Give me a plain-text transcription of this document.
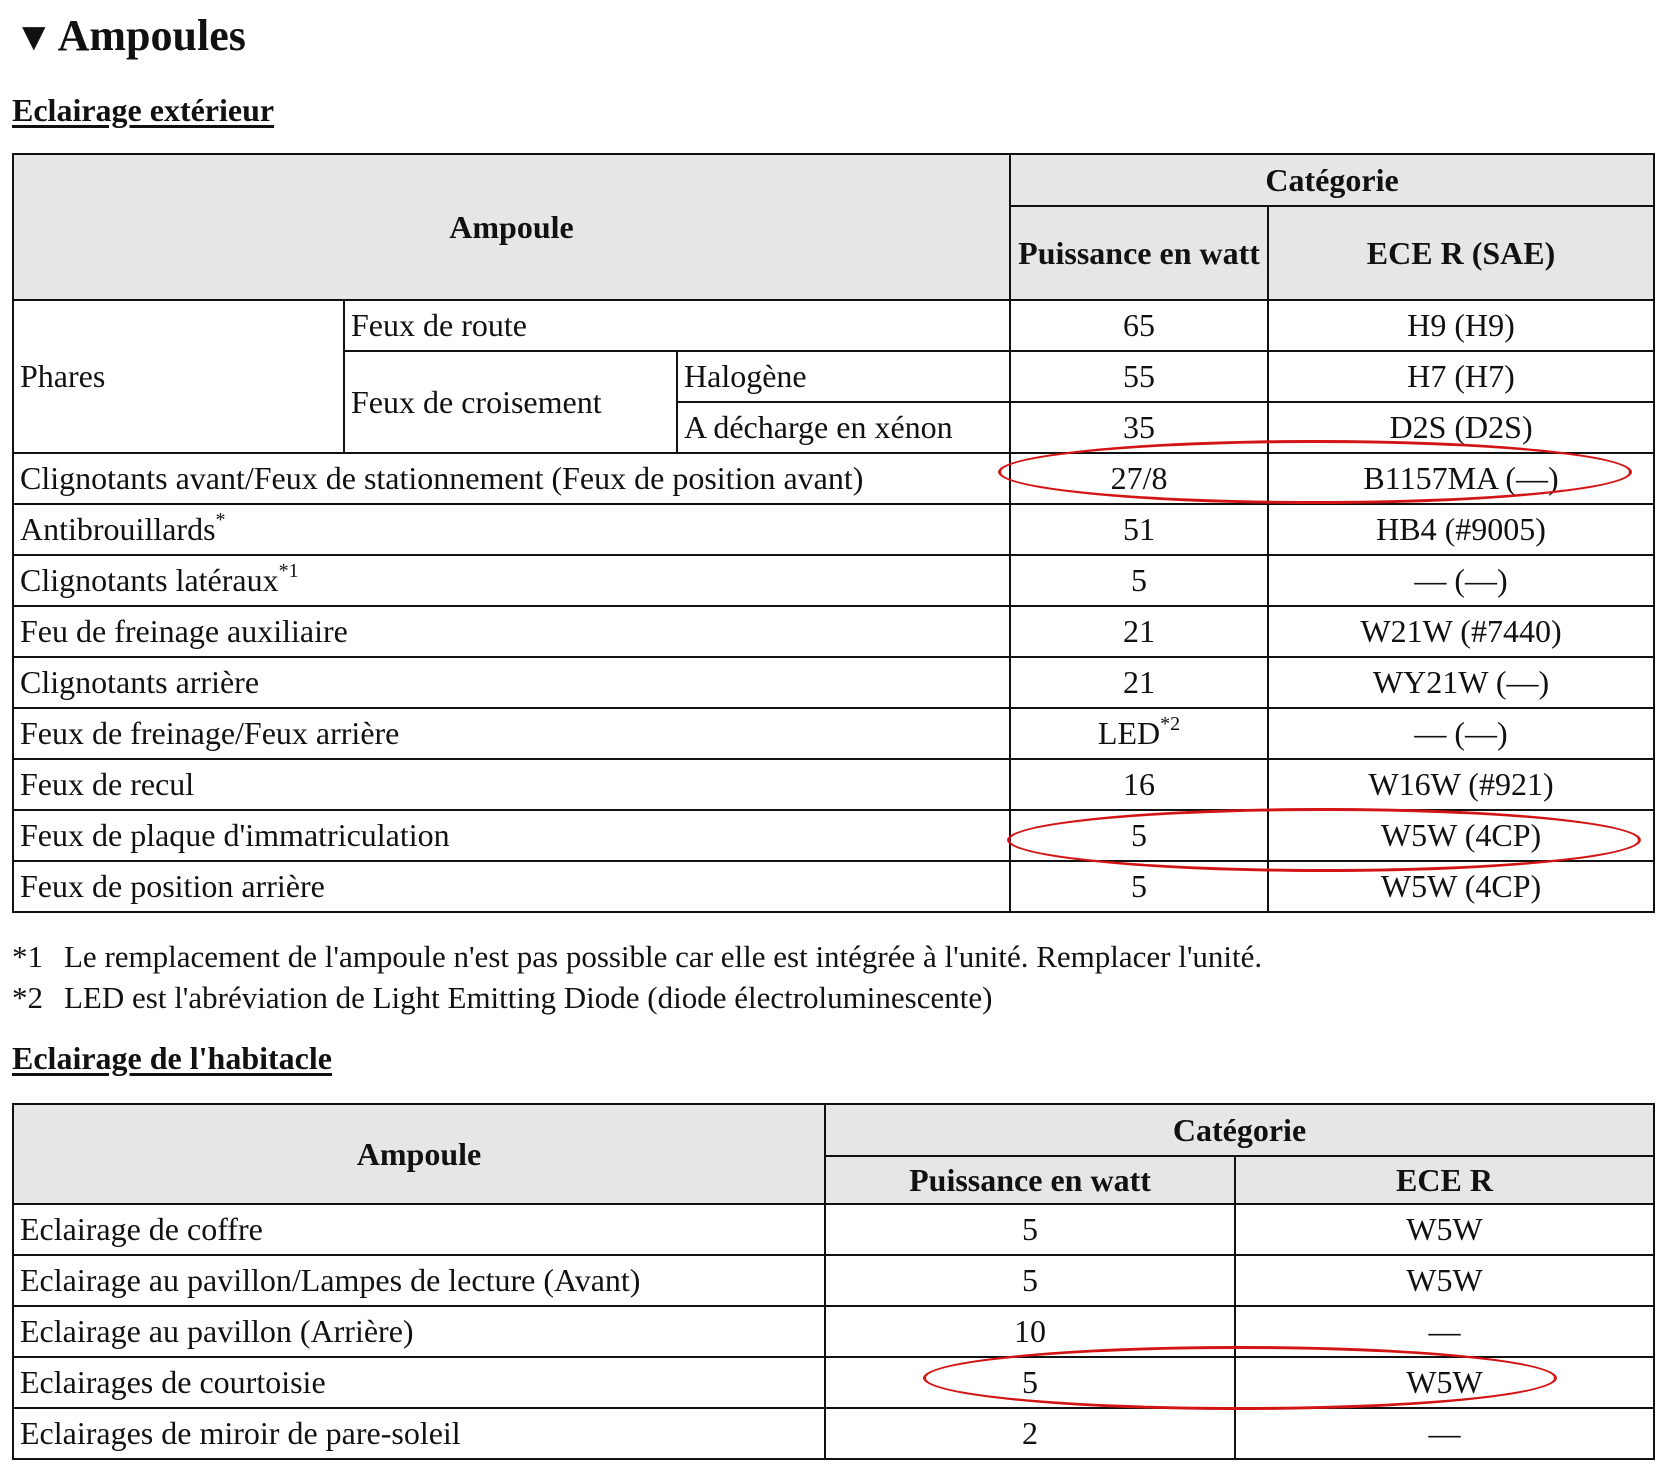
▼Ampoules
Eclairage extérieur
Ampoule			Catégorie	
			Puissance en watt	ECE R (SAE)
Phares	Feux de route		65	H9 (H9)
	Feux de croisement	Halogène	55	H7 (H7)
		A décharge en xénon	35	D2S (D2S)
Clignotants avant/Feux de stationnement (Feux de position avant)			27/8	B1157MA (—)
Antibrouillards*			51	HB4 (#9005)
Clignotants latéraux$^{*1}$			5	— (—)
Feu de freinage auxiliaire			21	W21W (#7440)
Clignotants arrière			21	WY21W (—)
Feux de freinage/Feux arrière			LED$^{*2}$	— (—)
Feux de recul			16	W16W (#921)
Feux de plaque d'immatriculation			5	W5W (4CP)
Feux de position arrière			5	W5W (4CP)
*1 Le remplacement de l'ampoule n'est pas possible car elle est intégrée à l'unité. Remplacer l'unité.
*2 LED est l'abréviation de Light Emitting Diode (diode électroluminescente)
Eclairage de l'habitacle
Ampoule	Catégorie	
	Puissance en watt	ECE R
Eclairage de coffre	5	W5W
Eclairage au pavillon/Lampes de lecture (Avant)	5	W5W
Eclairage au pavillon (Arrière)	10	—
Eclairages de courtoisie	5	W5W
Eclairages de miroir de pare-soleil	2	—
